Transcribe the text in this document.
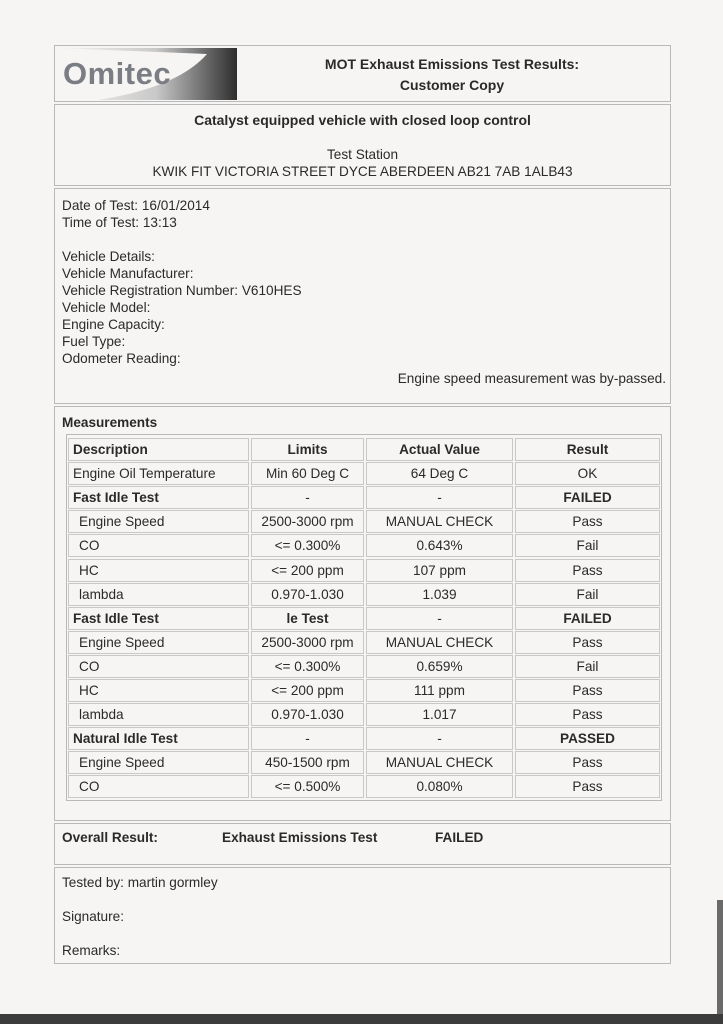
Omitec	MOT Exhaust Emissions Test Results:
Customer Copy
Catalyst equipped vehicle with closed loop control
Test Station
KWIK FIT VICTORIA STREET DYCE ABERDEEN AB21 7AB 1ALB43
Date of Test: 16/01/2014
Time of Test: 13:13
Vehicle Details:
Vehicle Manufacturer:
Vehicle Registration Number: V610HES
Vehicle Model:
Engine Capacity:
Fuel Type:
Odometer Reading:
Engine speed measurement was by-passed.
Measurements
Description	Limits	Actual Value	Result
Engine Oil Temperature	Min 60 Deg C	64 Deg C	OK
Fast Idle Test	-	-	FAILED
Engine Speed	2500-3000 rpm	MANUAL CHECK	Pass
CO	<= 0.300%	0.643%	Fail
HC	<= 200 ppm	107 ppm	Pass
lambda	0.970-1.030	1.039	Fail
Fast Idle Test	le Test	-	FAILED
Engine Speed	2500-3000 rpm	MANUAL CHECK	Pass
CO	<= 0.300%	0.659%	Fail
HC	<= 200 ppm	111 ppm	Pass
lambda	0.970-1.030	1.017	Pass
Natural Idle Test	-	-	PASSED
Engine Speed	450-1500 rpm	MANUAL CHECK	Pass
CO	<= 0.500%	0.080%	Pass
Overall Result:	Exhaust Emissions Test	FAILED
Tested by: martin gormley
Signature:
Remarks:
